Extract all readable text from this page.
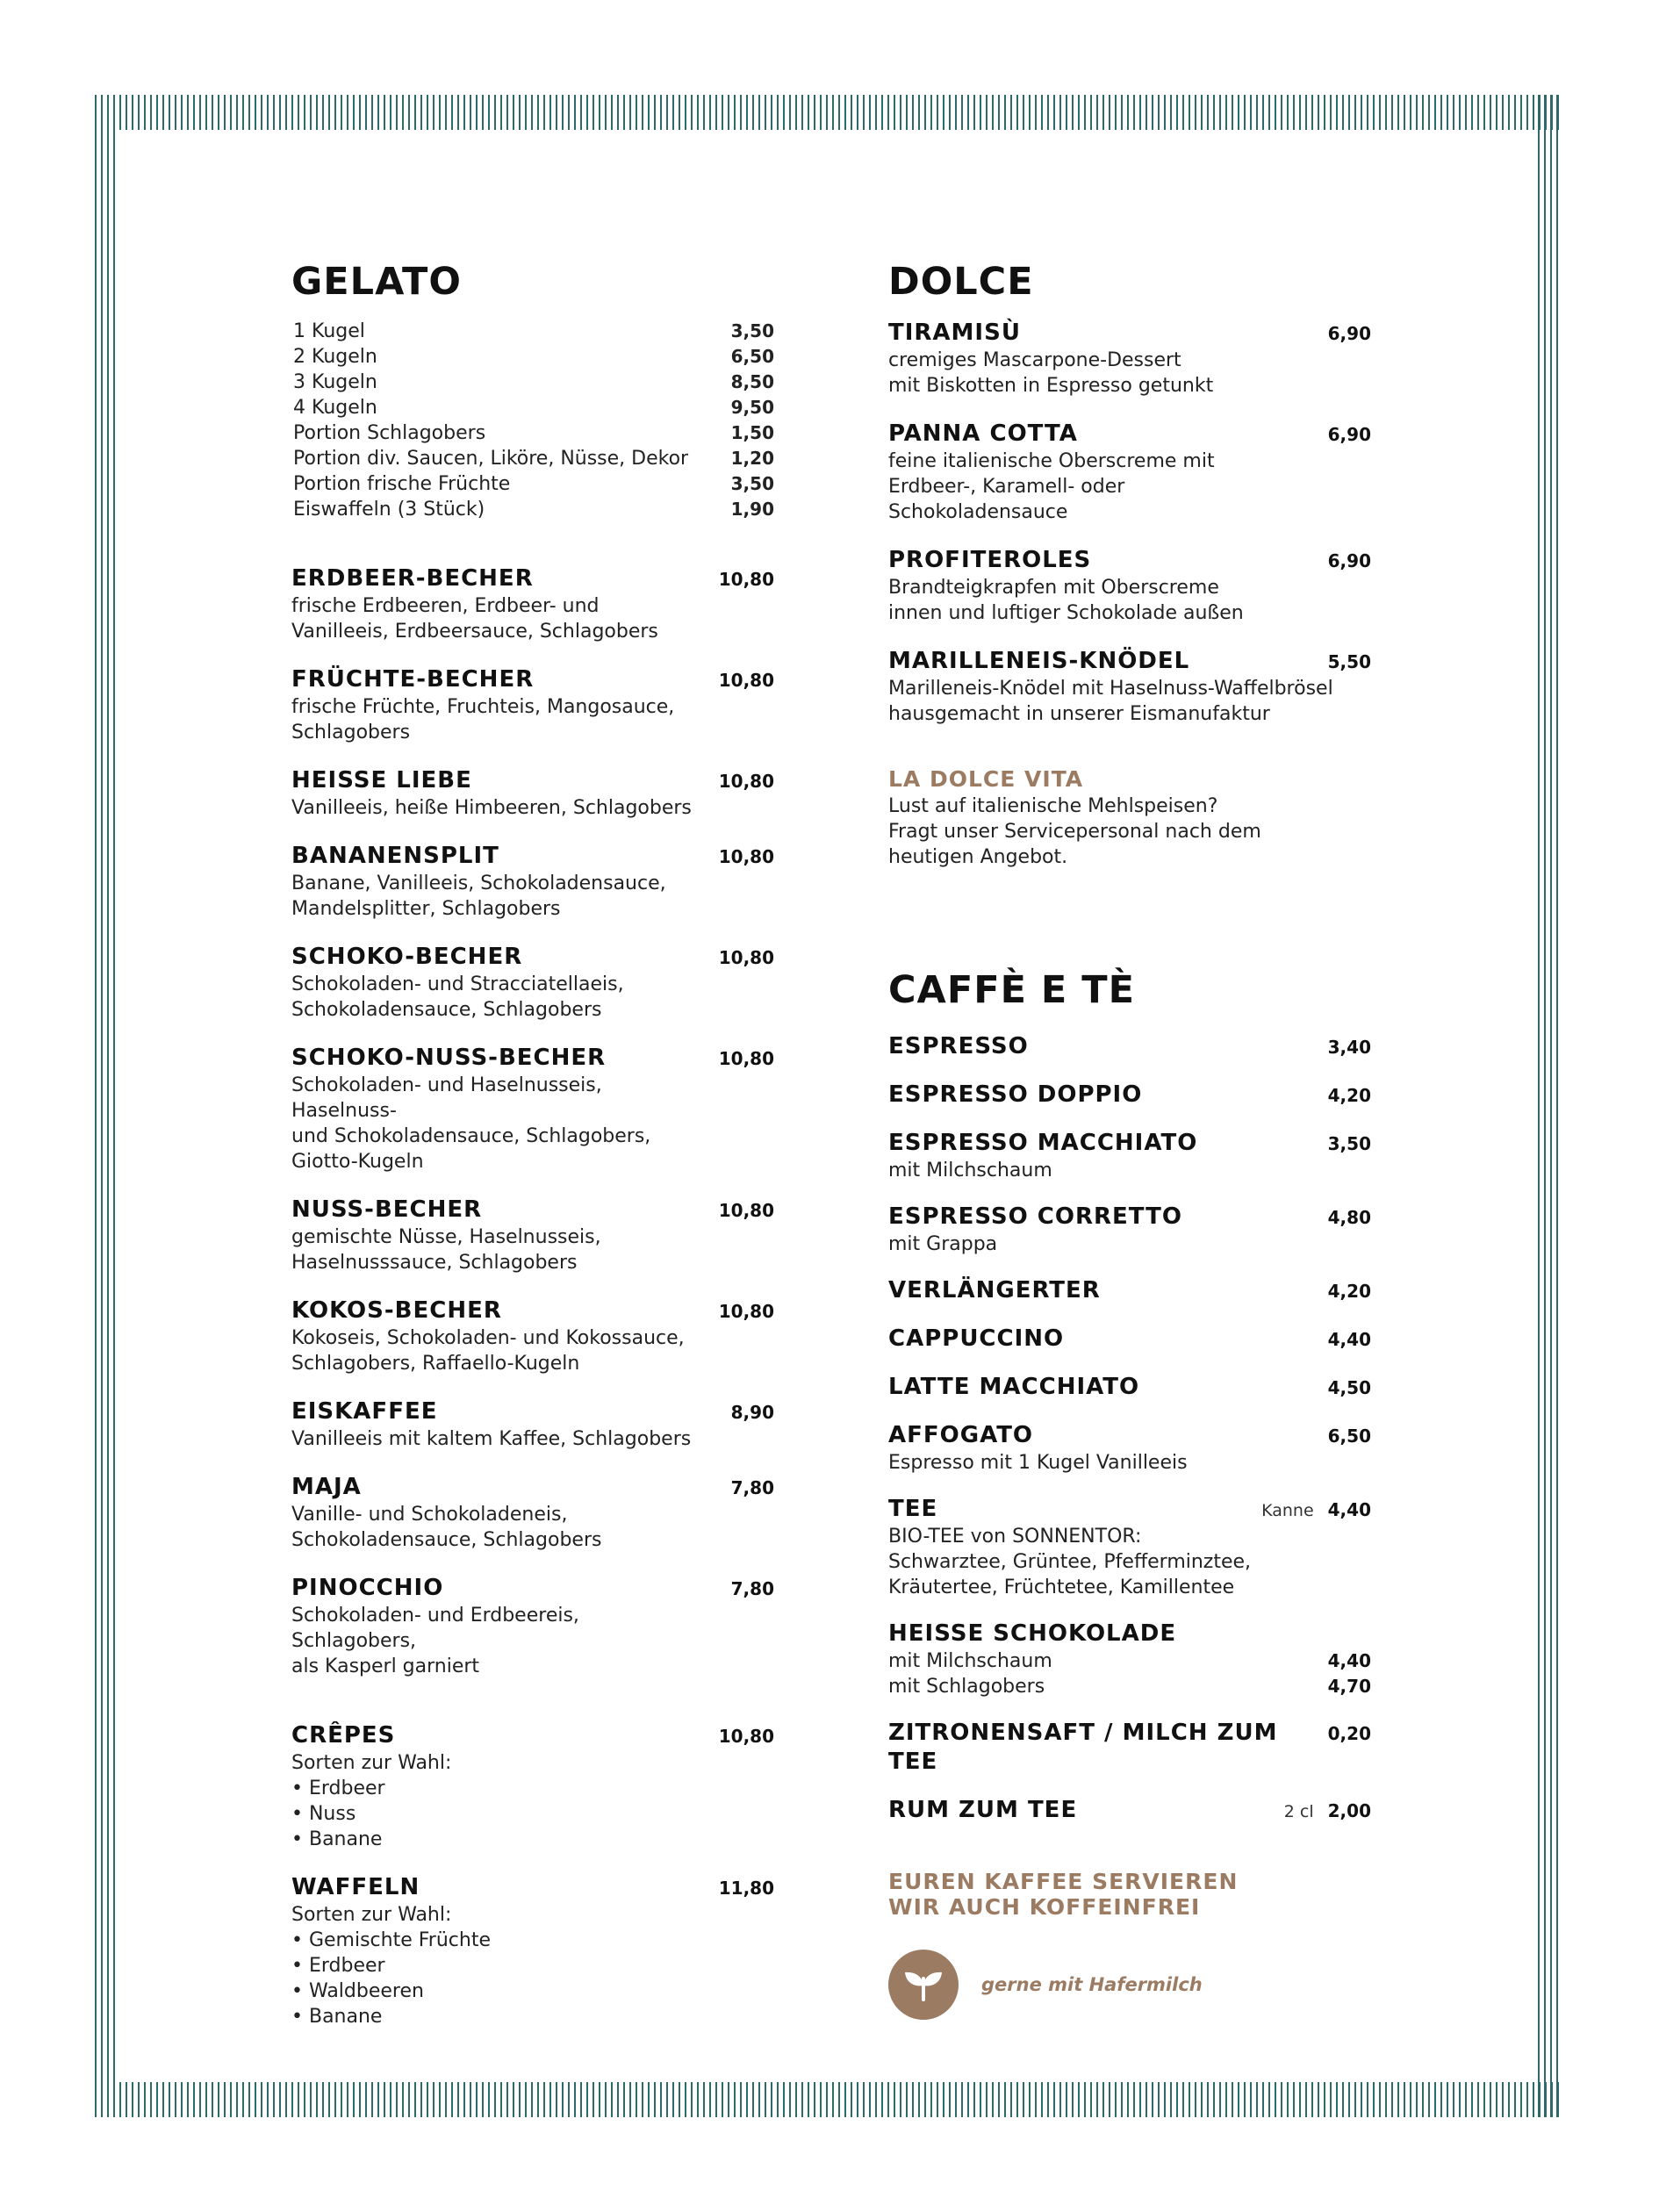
GELATO
1 Kugel	3,50
2 Kugeln	6,50
3 Kugeln	8,50
4 Kugeln	9,50
Portion Schlagobers	1,50
Portion div. Saucen, Liköre, Nüsse, Dekor 1,20
Portion frische Früchte	3,50
Eiswaffeln (3 Stück)	1,90
ERDBEER-BECHER	10,80
frische Erdbeeren, Erdbeer- und
Vanilleeis, Erdbeersauce, Schlagobers
FRÜCHTE-BECHER	10,80
frische Früchte, Fruchteis, Mangosauce,
Schlagobers
HEISSE LIEBE	10,80
Vanilleeis, heiße Himbeeren, Schlagobers
BANANENSPLIT	10,80
Banane, Vanilleeis, Schokoladensauce,
Mandelsplitter, Schlagobers
SCHOKO-BECHER	10,80
Schokoladen- und Stracciatellaeis,
Schokoladensauce, Schlagobers
SCHOKO-NUSS-BECHER	10,80
Schokoladen- und Haselnusseis, Haselnuss-
und Schokoladensauce, Schlagobers,
Giotto-Kugeln
NUSS-BECHER	10,80
gemischte Nüsse, Haselnusseis,
Haselnusssauce, Schlagobers
KOKOS-BECHER	10,80
Kokoseis, Schokoladen- und Kokossauce,
Schlagobers, Raffaello-Kugeln
EISKAFFEE	8,90
Vanilleeis mit kaltem Kaffee, Schlagobers
MAJA	7,80
Vanille- und Schokoladeneis,
Schokoladensauce, Schlagobers
PINOCCHIO	7,80
Schokoladen- und Erdbeereis, Schlagobers,
als Kasperl garniert
CRÊPES	10,80
Sorten zur Wahl:
• Erdbeer
• Nuss
• Banane
WAFFELN	11,80
Sorten zur Wahl:
• Gemischte Früchte
• Erdbeer
• Waldbeeren
• Banane
DOLCE
TIRAMISÙ	6,90
cremiges Mascarpone-Dessert
mit Biskotten in Espresso getunkt
PANNA COTTA	6,90
feine italienische Oberscreme mit
Erdbeer-, Karamell- oder Schokoladensauce
PROFITEROLES	6,90
Brandteigkrapfen mit Oberscreme
innen und luftiger Schokolade außen
MARILLENEIS-KNÖDEL	5,50
Marilleneis-Knödel mit Haselnuss-Waffelbrösel
hausgemacht in unserer Eismanufaktur
LA DOLCE VITA
Lust auf italienische Mehlspeisen?
Fragt unser Servicepersonal nach dem
heutigen Angebot.
CAFFÈ E TÈ
ESPRESSO	3,40
ESPRESSO DOPPIO	4,20
ESPRESSO MACCHIATO	3,50
mit Milchschaum
ESPRESSO CORRETTO	4,80
mit Grappa
VERLÄNGERTER	4,20
CAPPUCCINO	4,40
LATTE MACCHIATO	4,50
AFFOGATO	6,50
Espresso mit 1 Kugel Vanilleeis
TEE	Kanne 4,40
BIO-TEE von SONNENTOR:
Schwarztee, Grüntee, Pfefferminztee,
Kräutertee, Früchtetee, Kamillentee
HEISSE SCHOKOLADE
mit Milchschaum	4,40
mit Schlagobers	4,70
ZITRONENSAFT / MILCH ZUM TEE
0,20
RUM ZUM TEE	2 cl 2,00
EUREN KAFFEE SERVIEREN
WIR AUCH KOFFEINFREI
gerne mit Hafermilch
